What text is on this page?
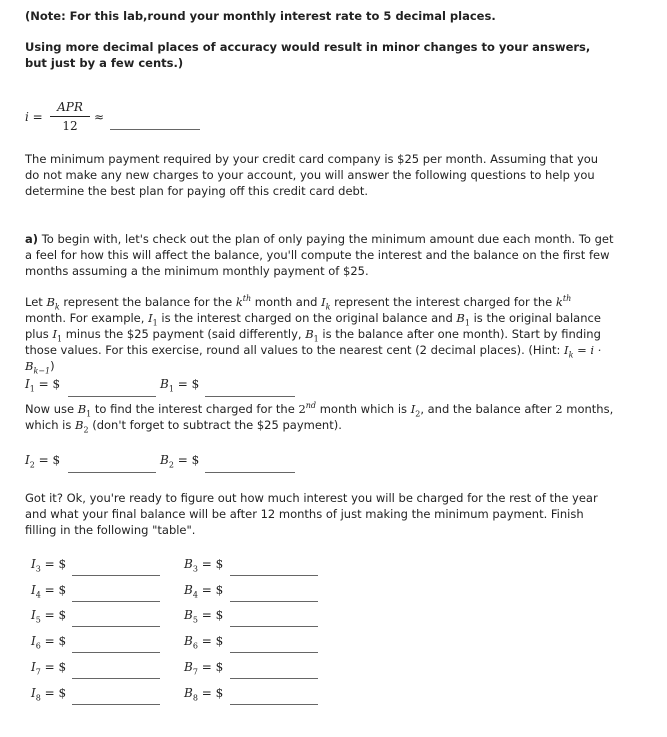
(Note: For this lab,round your monthly interest rate to 5 decimal places.
Using more decimal places of accuracy would result in minor changes to your answers, but just by a few cents.)
i =
APR
12
≈
The minimum payment required by your credit card company is $25 per month. Assuming that you do not make any new charges to your account, you will answer the following questions to help you determine the best plan for paying off this credit card debt.
a) To begin with, let's check out the plan of only paying the minimum amount due each month. To get a feel for how this will affect the balance, you'll compute the interest and the balance on the first few months assuming a the minimum monthly payment of $25.
Let $B_k$ represent the balance for the $k^{th}$ month and $I_k$ represent the interest charged for the $k^{th}$ month. For example, $I_1$ is the interest charged on the original balance and $B_1$ is the original balance plus $I_1$ minus the $25 payment (said differently, $B_1$ is the balance after one month). Start by finding those values. For this exercise, round all values to the nearest cent (2 decimal places). (Hint: $I_k = i \cdot B_{k-1}$)
$I_1$ = $	$B_1$ = $
Now use $B_1$ to find the interest charged for the 2nd month which is $I_2$, and the balance after 2 months, which is $B_2$ (don't forget to subtract the $25 payment).
$I_2$ = $	$B_2$ = $
Got it? Ok, you're ready to figure out how much interest you will be charged for the rest of the year and what your final balance will be after 12 months of just making the minimum payment. Finish filling in the following "table".
$I_3$ = $	$B_3$ = $
$I_4$ = $	$B_4$ = $
$I_5$ = $	$B_5$ = $
$I_6$ = $	$B_6$ = $
$I_7$ = $	$B_7$ = $
$I_8$ = $	$B_8$ = $
